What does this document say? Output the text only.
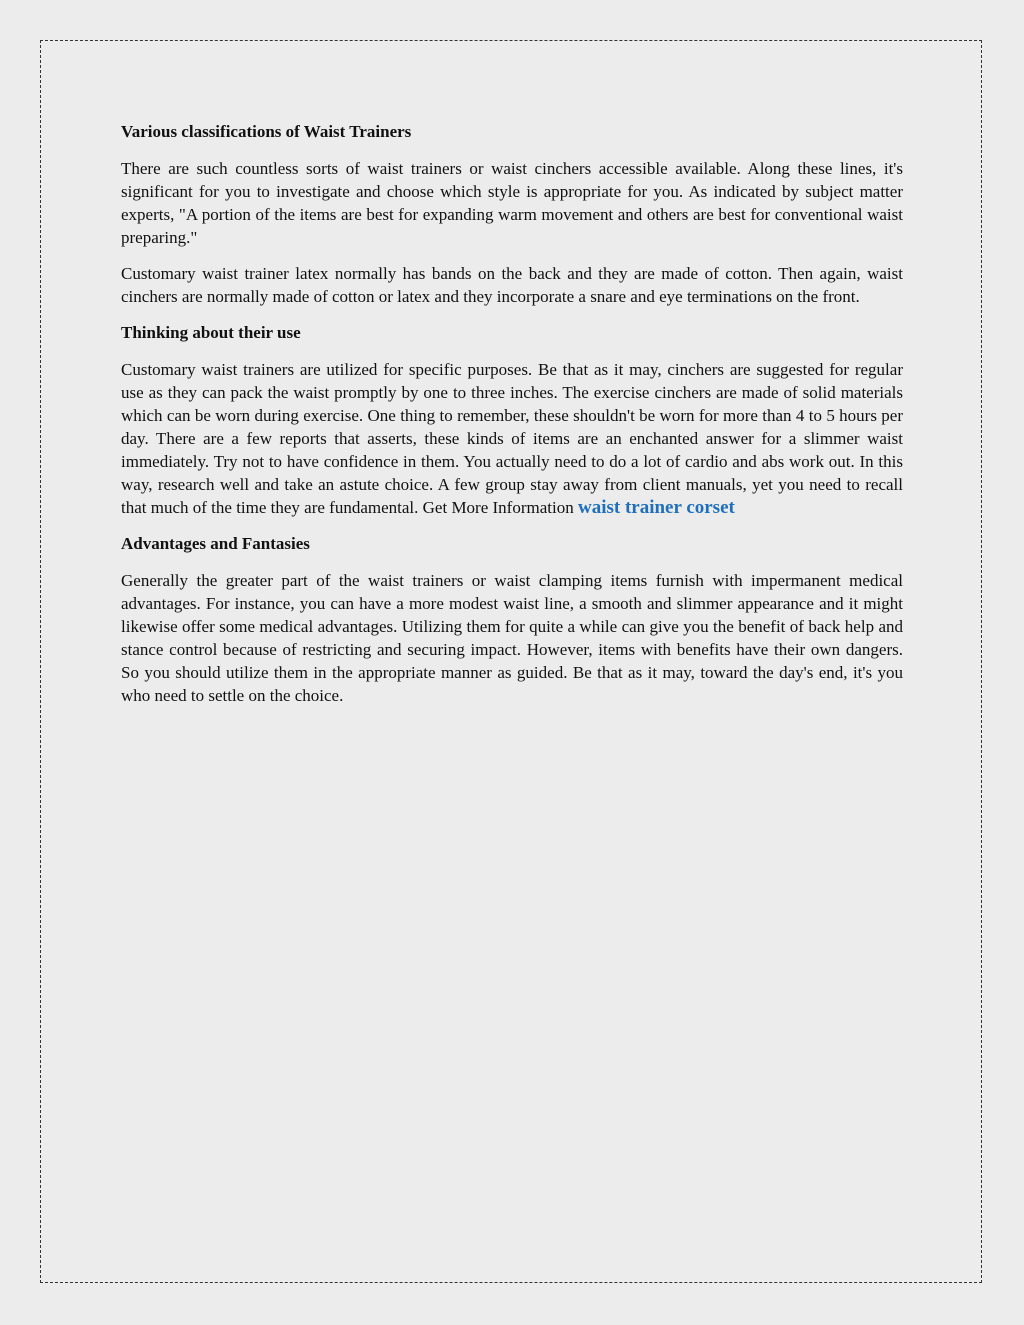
Various classifications of Waist Trainers

There are such countless sorts of waist trainers or waist cinchers accessible available. Along these lines, it's significant for you to investigate and choose which style is appropriate for you. As indicated by subject matter experts, "A portion of the items are best for expanding warm movement and others are best for conventional waist preparing."

Customary waist trainer latex normally has bands on the back and they are made of cotton. Then again, waist cinchers are normally made of cotton or latex and they incorporate a snare and eye terminations on the front.

Thinking about their use

Customary waist trainers are utilized for specific purposes. Be that as it may, cinchers are suggested for regular use as they can pack the waist promptly by one to three inches. The exercise cinchers are made of solid materials which can be worn during exercise. One thing to remember, these shouldn't be worn for more than 4 to 5 hours per day. There are a few reports that asserts, these kinds of items are an enchanted answer for a slimmer waist immediately. Try not to have confidence in them. You actually need to do a lot of cardio and abs work out. In this way, research well and take an astute choice. A few group stay away from client manuals, yet you need to recall that much of the time they are fundamental. Get More Information waist trainer corset

Advantages and Fantasies

Generally the greater part of the waist trainers or waist clamping items furnish with impermanent medical advantages. For instance, you can have a more modest waist line, a smooth and slimmer appearance and it might likewise offer some medical advantages. Utilizing them for quite a while can give you the benefit of back help and stance control because of restricting and securing impact. However, items with benefits have their own dangers. So you should utilize them in the appropriate manner as guided. Be that as it may, toward the day's end, it's you who need to settle on the choice.
